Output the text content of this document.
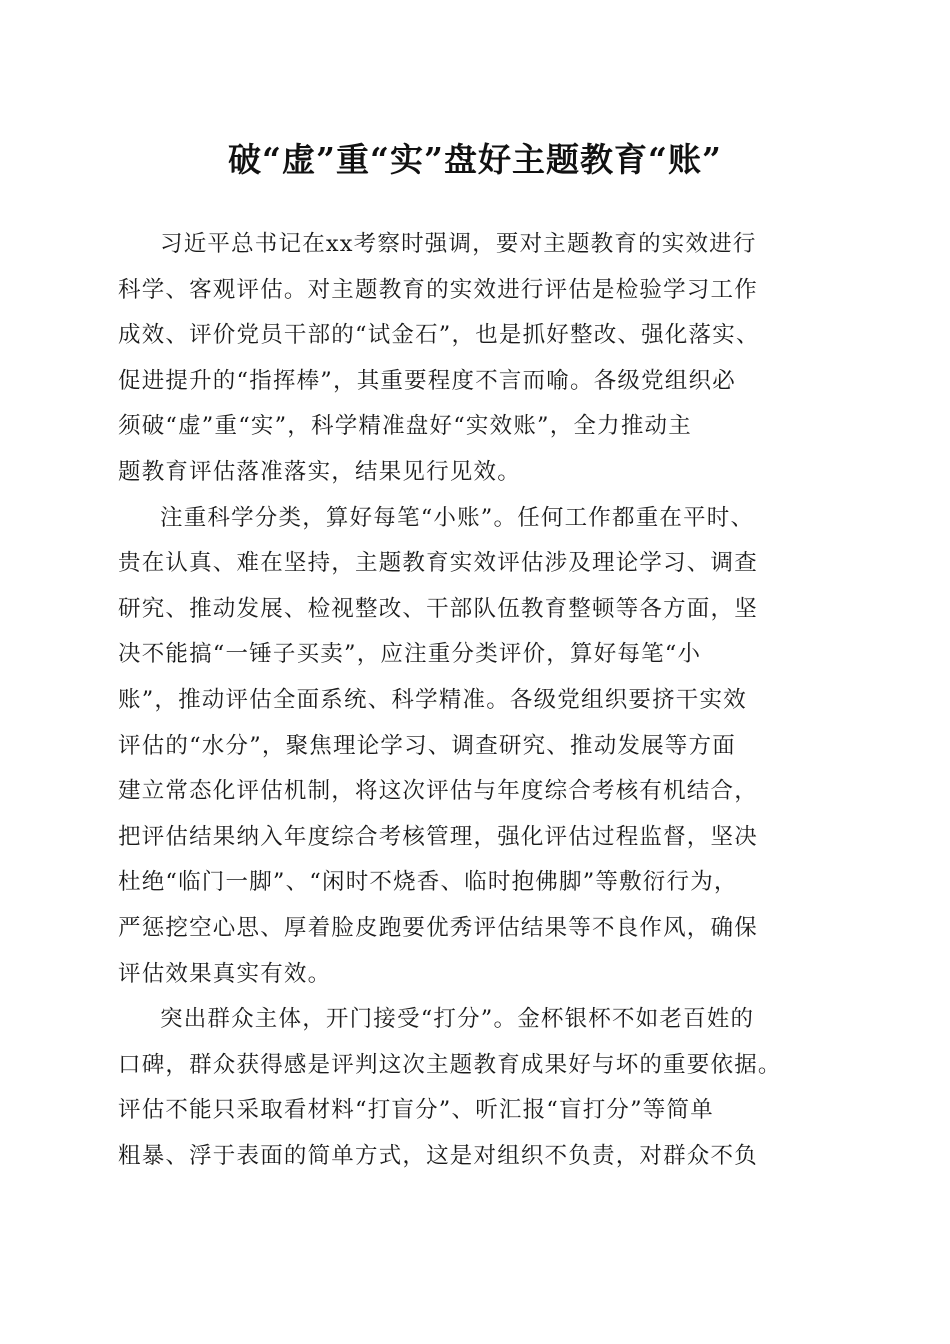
破“虚”重“实”盘好主题教育“账”
习近平总书记在xx考察时强调，要对主题教育的实效进行
科学、客观评估。对主题教育的实效进行评估是检验学习工作
成效、评价党员干部的“试金石”，也是抓好整改、强化落实、
促进提升的“指挥棒”，其重要程度不言而喻。各级党组织必
须破“虚”重“实”，科学精准盘好“实效账”，全力推动主
题教育评估落准落实，结果见行见效。
注重科学分类，算好每笔“小账”。任何工作都重在平时、
贵在认真、难在坚持，主题教育实效评估涉及理论学习、调查
研究、推动发展、检视整改、干部队伍教育整顿等各方面，坚
决不能搞“一锤子买卖”，应注重分类评价，算好每笔“小
账”，推动评估全面系统、科学精准。各级党组织要挤干实效
评估的“水分”，聚焦理论学习、调查研究、推动发展等方面
建立常态化评估机制，将这次评估与年度综合考核有机结合，
把评估结果纳入年度综合考核管理，强化评估过程监督，坚决
杜绝“临门一脚”、“闲时不烧香、临时抱佛脚”等敷衍行为，
严惩挖空心思、厚着脸皮跑要优秀评估结果等不良作风，确保
评估效果真实有效。
突出群众主体，开门接受“打分”。金杯银杯不如老百姓的
口碑，群众获得感是评判这次主题教育成果好与坏的重要依据。
评估不能只采取看材料“打盲分”、听汇报“盲打分”等简单
粗暴、浮于表面的简单方式，这是对组织不负责，对群众不负
